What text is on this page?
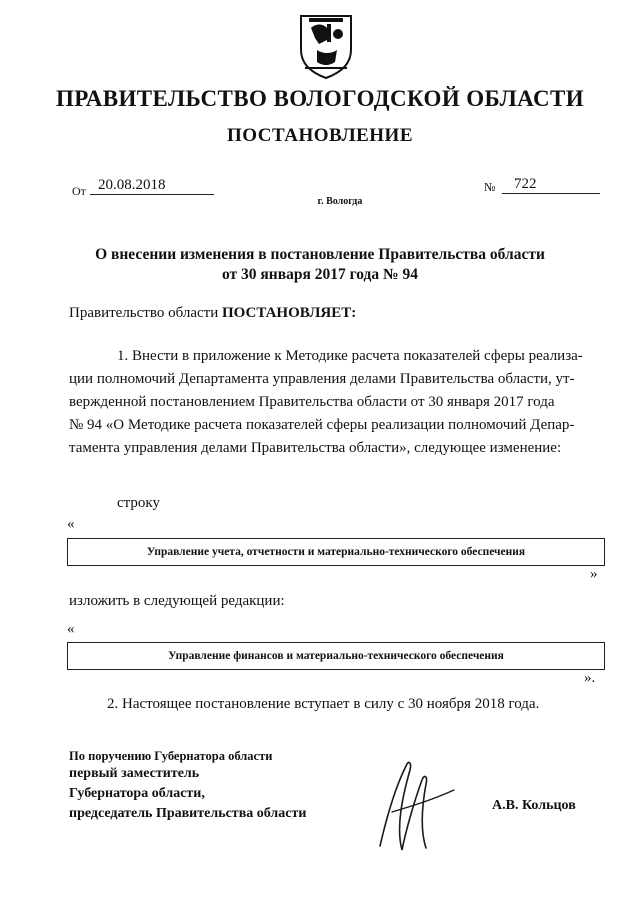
ПРАВИТЕЛЬСТВО ВОЛОГОДСКОЙ ОБЛАСТИ
ПОСТАНОВЛЕНИЕ
От 20.08.2018	№	722
г. Вологда
О внесении изменения в постановление Правительства области
от 30 января 2017 года № 94
Правительство области ПОСТАНОВЛЯЕТ:
1. Внести в приложение к Методике расчета показателей сферы реализа-
ции полномочий Департамента управления делами Правительства области, ут-
вержденной постановлением Правительства области от 30 января 2017 года
№ 94 «О Методике расчета показателей сферы реализации полномочий Депар-
тамента управления делами Правительства области», следующее изменение:
строку
«
Управление учета, отчетности и материально-технического обеспечения
»
изложить в следующей редакции:
«
Управление финансов и материально-технического обеспечения
».
2. Настоящее постановление вступает в силу с 30 ноября 2018 года.
По поручению Губернатора области
первый заместитель
Губернатора области,
председатель Правительства области
А.В. Кольцов
